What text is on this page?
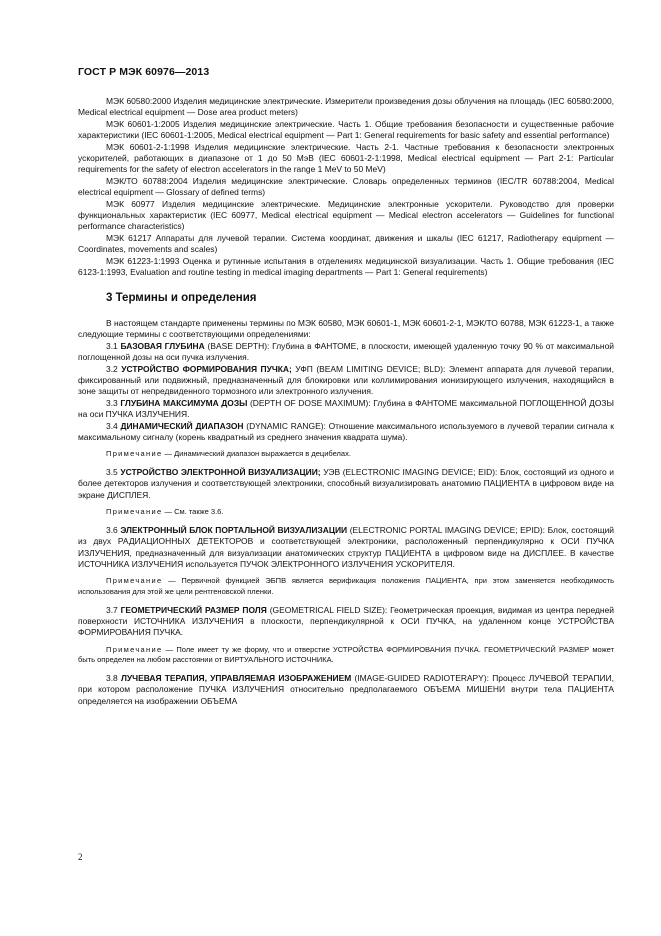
ГОСТ Р МЭК 60976—2013

МЭК 60580:2000 Изделия медицинские электрические. Измерители произведения дозы облучения на площадь (IEC 60580:2000, Medical electrical equipment — Dose area product meters)

МЭК 60601-1:2005 Изделия медицинские электрические. Часть 1. Общие требования безопасности и существенные рабочие характеристики (IEC 60601-1:2005, Medical electrical equipment — Part 1: General requirements for basic safety and essential performance)

МЭК 60601-2-1:1998 Изделия медицинские электрические. Часть 2-1. Частные требования к безопасности электронных ускорителей, работающих в диапазоне от 1 до 50 МэВ (IEC 60601-2-1:1998, Medical electrical equipment — Part 2-1: Particular requirements for the safety of electron accelerators in the range 1 MeV to 50 MeV)

МЭК/ТО 60788:2004 Изделия медицинские электрические. Словарь определенных терминов (IEC/TR 60788:2004, Medical electrical equipment — Glossary of defined terms)

МЭК 60977 Изделия медицинские электрические. Медицинские электронные ускорители. Руководство для проверки функциональных характеристик (IEC 60977, Medical electrical equipment — Medical electron accelerators — Guidelines for functional performance characteristics)

МЭК 61217 Аппараты для лучевой терапии. Система координат, движения и шкалы (IEC 61217, Radiotherapy equipment — Coordinates, movements and scales)

МЭК 61223-1:1993 Оценка и рутинные испытания в отделениях медицинской визуализации. Часть 1. Общие требования (IEC 6123-1:1993, Evaluation and routine testing in medical imaging departments — Part 1: General requirements)

3 Термины и определения

В настоящем стандарте применены термины по МЭК 60580, МЭК 60601-1, МЭК 60601-2-1, МЭК/ТО 60788, МЭК 61223-1, а также следующие термины с соответствующими определениями:

3.1 БАЗОВАЯ ГЛУБИНА (BASE DEPTH): Глубина в ФАНТОМЕ, в плоскости, имеющей удаленную точку 90 % от максимальной поглощенной дозы на оси пучка излучения.

3.2 УСТРОЙСТВО ФОРМИРОВАНИЯ ПУЧКА; УФП (BEAM LIMITING DEVICE; BLD): Элемент аппарата для лучевой терапии, фиксированный или подвижный, предназначенный для блокировки или коллимирования ионизирующего излучения, находящийся в зоне защиты от непредвиденного тормозного или электронного излучения.

3.3 ГЛУБИНА МАКСИМУМА ДОЗЫ (DEPTH OF DOSE MAXIMUM): Глубина в ФАНТОМЕ максимальной ПОГЛОЩЕННОЙ ДОЗЫ на оси ПУЧКА ИЗЛУЧЕНИЯ.

3.4 ДИНАМИЧЕСКИЙ ДИАПАЗОН (DYNAMIC RANGE): Отношение максимального используемого в лучевой терапии сигнала к максимальному сигналу (корень квадратный из среднего значения квадрата шума).

Примечание — Динамический диапазон выражается в децибелах.

3.5 УСТРОЙСТВО ЭЛЕКТРОННОЙ ВИЗУАЛИЗАЦИИ; УЭВ (ELECTRONIC IMAGING DEVICE; EID): Блок, состоящий из одного и более детекторов излучения и соответствующей электроники, способный визуализировать анатомию ПАЦИЕНТА в цифровом виде на экране ДИСПЛЕЯ.

Примечание — См. также 3.6.

3.6 ЭЛЕКТРОННЫЙ БЛОК ПОРТАЛЬНОЙ ВИЗУАЛИЗАЦИИ (ELECTRONIC PORTAL IMAGING DEVICE; EPID): Блок, состоящий из двух РАДИАЦИОННЫХ ДЕТЕКТОРОВ и соответствующей электроники, расположенный перпендикулярно к ОСИ ПУЧКА ИЗЛУЧЕНИЯ, предназначенный для визуализации анатомических структур ПАЦИЕНТА в цифровом виде на ДИСПЛЕЕ. В качестве ИСТОЧНИКА ИЗЛУЧЕНИЯ используется ПУЧОК ЭЛЕКТРОННОГО ИЗЛУЧЕНИЯ УСКОРИТЕЛЯ.

Примечание — Первичной функцией ЭБПВ является верификация положения ПАЦИЕНТА, при этом заменяется необходимость использования для этой же цели рентгеновской пленки.

3.7 ГЕОМЕТРИЧЕСКИЙ РАЗМЕР ПОЛЯ (GEOMETRICAL FIELD SIZE): Геометрическая проекция, видимая из центра передней поверхности ИСТОЧНИКА ИЗЛУЧЕНИЯ в плоскости, перпендикулярной к ОСИ ПУЧКА, на удаленном конце УСТРОЙСТВА ФОРМИРОВАНИЯ ПУЧКА.

Примечание — Поле имеет ту же форму, что и отверстие УСТРОЙСТВА ФОРМИРОВАНИЯ ПУЧКА. ГЕОМЕТРИЧЕСКИЙ РАЗМЕР может быть определен на любом расстоянии от ВИРТУАЛЬНОГО ИСТОЧНИКА.

3.8 ЛУЧЕВАЯ ТЕРАПИЯ, УПРАВЛЯЕМАЯ ИЗОБРАЖЕНИЕМ (IMAGE-GUIDED RADIOTERAPY): Процесс ЛУЧЕВОЙ ТЕРАПИИ, при котором расположение ПУЧКА ИЗЛУЧЕНИЯ относительно предполагаемого ОБЪЕМА МИШЕНИ внутри тела ПАЦИЕНТА определяется на изображении ОБЪЕМА

2
